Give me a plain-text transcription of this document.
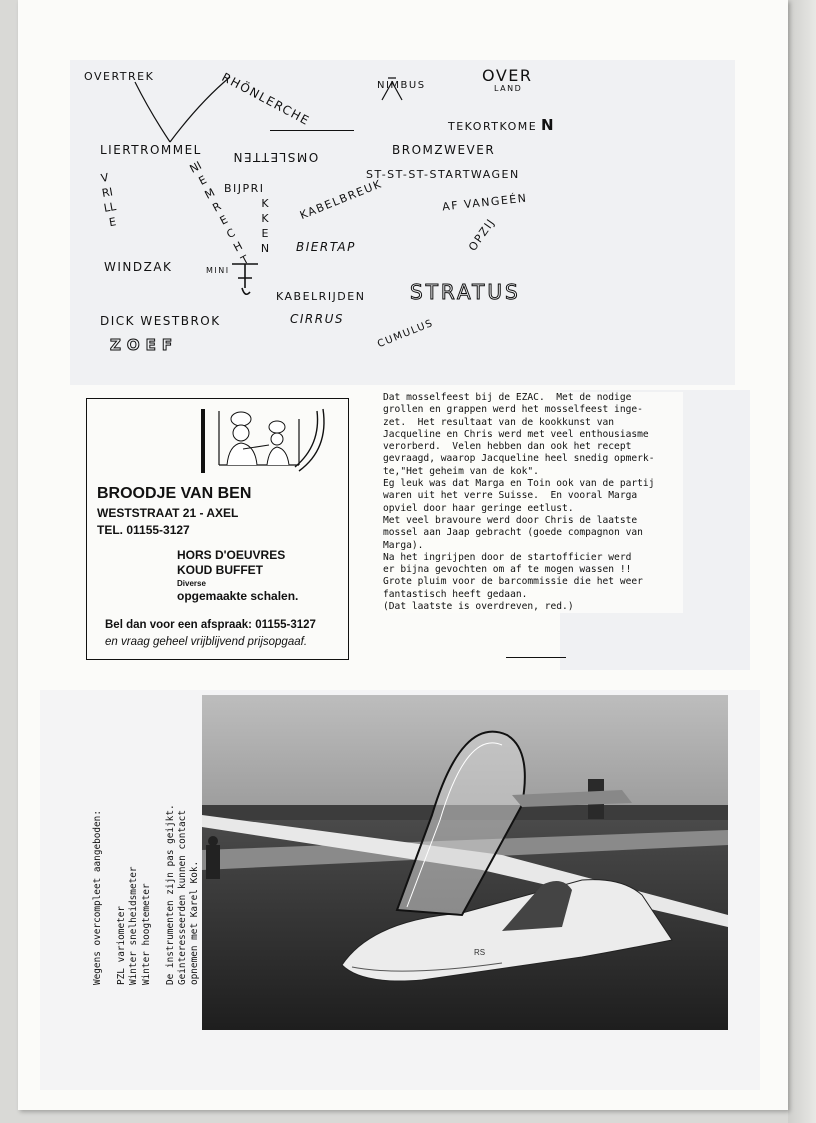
OVERTREK	RHÖNLERCHE	NIMBUS
OVER
LAND
TEKORTKOME N
LIERTROMMEL	OMSLETTEN	BROMZWEVER
ST-ST-ST-STARTWAGEN
AF VANGEÉN
VRILLE
NIEMRECHT
BIJPRI
KKEN
KABELBREUK
BIERTAP	OPZIJ
WINDZAK	MINI
KABELRIJDEN STRATUS
DICK WESTBROK	CIRRUS	CUMULUS
ZOEF
BROODJE VAN BEN
WESTSTRAAT 21 - AXEL
TEL. 01155-3127
HORS D'OEUVRES
KOUD BUFFET
Diverse
opgemaakte schalen.
Bel dan voor een afspraak: 01155-3127
en vraag geheel vrijblijvend prijsopgaaf.

Dat mosselfeest bij de EZAC.  Met de nodige

grollen en grappen werd het mosselfeest inge-

zet.  Het resultaat van de kookkunst van

Jacqueline en Chris werd met veel enthousiasme

verorberd.  Velen hebben dan ook het recept

gevraagd, waarop Jacqueline heel snedig opmerk-

te,"Het geheim van de kok".

Eg leuk was dat Marga en Toin ook van de partij

waren uit het verre Suisse.  En vooral Marga

opviel door haar geringe eetlust.

Met veel bravoure werd door Chris de laatste

mossel aan Jaap gebracht (goede compagnon van

Marga).

Na het ingrijpen door de startofficier werd

er bijna gevochten om af te mogen wassen !!

Grote pluim voor de barcommissie die het weer

fantastisch heeft gedaan.

(Dat laatste is overdreven, red.)

Wegens overcompleet aangeboden: PZL variometer Winter snelheidsmeter Winter hoogtemeter De instrumenten zijn pas geijkt. Geinteresseerden kunnen contact opnemen met Karel Kok.	RS
